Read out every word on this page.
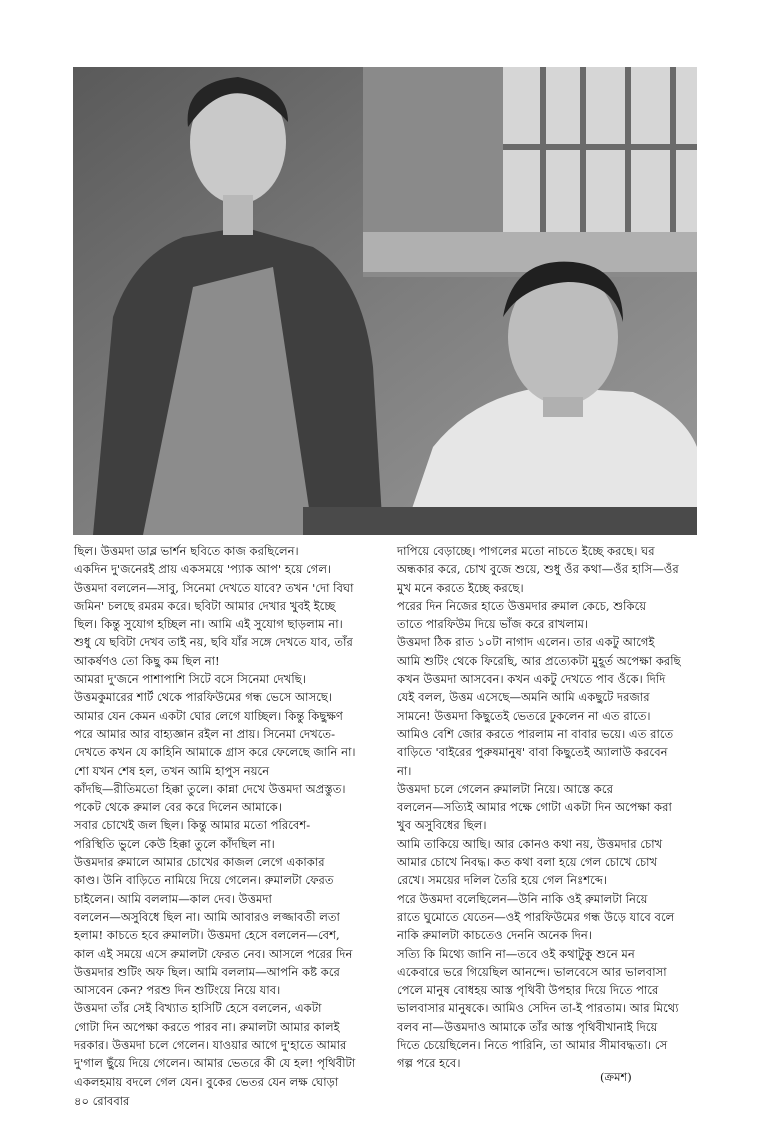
ছিল। উত্তমদা ডাব্ল ভার্শন ছবিতে কাজ করছিলেন।

একদিন দু'জনেরই প্রায় একসময়ে 'প্যাক আপ' হয়ে গেল।
উত্তমদা বললেন—সাবু, সিনেমা দেখতে যাবে? তখন 'দো বিঘা
জমিন' চলছে রমরম করে। ছবিটা আমার দেখার খুবই ইচ্ছে
ছিল। কিন্তু সুযোগ হচ্ছিল না। আমি এই সুযোগ ছাড়লাম না।
শুধু যে ছবিটা দেখব তাই নয়, ছবি যাঁর সঙ্গে দেখতে যাব, তাঁর
আকর্ষণও তো কিছু কম ছিল না!

আমরা দু'জনে পাশাপাশি সিটে বসে সিনেমা দেখছি।
উত্তমকুমারের শার্ট থেকে পারফিউমের গন্ধ ভেসে আসছে।
আমার যেন কেমন একটা ঘোর লেগে যাচ্ছিল। কিন্তু কিছুক্ষণ
পরে আমার আর বাহ্যজ্ঞান রইল না প্রায়। সিনেমা দেখতে-
দেখতে কখন যে কাহিনি আমাকে গ্রাস করে ফেলেছে জানি না।
শো যখন শেষ হল, তখন আমি হাপুস নয়নে
কাঁদছি—রীতিমতো হিক্কা তুলে। কান্না দেখে উত্তমদা অপ্রস্তুত।
পকেট থেকে রুমাল বের করে দিলেন আমাকে।

সবার চোখেই জল ছিল। কিন্তু আমার মতো পরিবেশ-
পরিস্থিতি ভুলে কেউ হিক্কা তুলে কাঁদছিল না।

উত্তমদার রুমালে আমার চোখের কাজল লেগে একাকার
কাণ্ড। উনি বাড়িতে নামিয়ে দিয়ে গেলেন। রুমালটা ফেরত
চাইলেন। আমি বললাম—কাল দেব। উত্তমদা
বললেন—অসুবিধে ছিল না। আমি আবারও লজ্জাবতী লতা
হলাম! কাচতে হবে রুমালটা। উত্তমদা হেসে বললেন—বেশ,
কাল এই সময়ে এসে রুমালটা ফেরত নেব। আসলে পরের দিন
উত্তমদার শুটিং অফ ছিল। আমি বললাম—আপনি কষ্ট করে
আসবেন কেন? পরশু দিন শুটিংয়ে নিয়ে যাব।

উত্তমদা তাঁর সেই বিখ্যাত হাসিটি হেসে বললেন, একটা
গোটা দিন অপেক্ষা করতে পারব না। রুমালটা আমার কালই
দরকার। উত্তমদা চলে গেলেন। যাওয়ার আগে দু'হাতে আমার
দু'গাল ছুঁয়ে দিয়ে গেলেন। আমার ভেতরে কী যে হল! পৃথিবীটা
একলহমায় বদলে গেল যেন। বুকের ভেতর যেন লক্ষ ঘোড়া

দাপিয়ে বেড়াচ্ছে। পাগলের মতো নাচতে ইচ্ছে করছে। ঘর
অন্ধকার করে, চোখ বুজে শুয়ে, শুধু ওঁর কথা—ওঁর হাসি—ওঁর
মুখ মনে করতে ইচ্ছে করছে।

পরের দিন নিজের হাতে উত্তমদার রুমাল কেচে, শুকিয়ে
তাতে পারফিউম দিয়ে ভাঁজ করে রাখলাম।

উত্তমদা ঠিক রাত ১০টা নাগাদ এলেন। তার একটু আগেই
আমি শুটিং থেকে ফিরেছি, আর প্রত্যেকটা মুহূর্ত অপেক্ষা করছি
কখন উত্তমদা আসবেন। কখন একটু দেখতে পাব ওঁকে। দিদি
যেই বলল, উত্তম এসেছে—অমনি আমি একছুটে দরজার
সামনে! উত্তমদা কিছুতেই ভেতরে ঢুকলেন না এত রাতে।
আমিও বেশি জোর করতে পারলাম না বাবার ভয়ে। এত রাতে
বাড়িতে 'বাইরের পুরুষমানুষ' বাবা কিছুতেই অ্যালাউ করবেন
না।

উত্তমদা চলে গেলেন রুমালটা নিয়ে। আস্তে করে
বললেন—সত্যিই আমার পক্ষে গোটা একটা দিন অপেক্ষা করা
খুব অসুবিধের ছিল।

আমি তাকিয়ে আছি। আর কোনও কথা নয়, উত্তমদার চোখ
আমার চোখে নিবদ্ধ। কত কথা বলা হয়ে গেল চোখে চোখ
রেখে। সময়ের দলিল তৈরি হয়ে গেল নিঃশব্দে।

পরে উত্তমদা বলেছিলেন—উনি নাকি ওই রুমালটা নিয়ে
রাতে ঘুমোতে যেতেন—ওই পারফিউমের গন্ধ উড়ে যাবে বলে
নাকি রুমালটা কাচতেও দেননি অনেক দিন।

সত্যি কি মিথ্যে জানি না—তবে ওই কথাটুকু শুনে মন
একেবারে ভরে গিয়েছিল আনন্দে। ভালবেসে আর ভালবাসা
পেলে মানুষ বোধহয় আস্ত পৃথিবী উপহার দিয়ে দিতে পারে
ভালবাসার মানুষকে। আমিও সেদিন তা-ই পারতাম। আর মিথ্যে
বলব না—উত্তমদাও আমাকে তাঁর আস্ত পৃথিবীখানাই দিয়ে
দিতে চেয়েছিলেন। নিতে পারিনি, তা আমার সীমাবদ্ধতা। সে
গল্প পরে হবে।

(ক্রমশ)
৪০ রোববার
